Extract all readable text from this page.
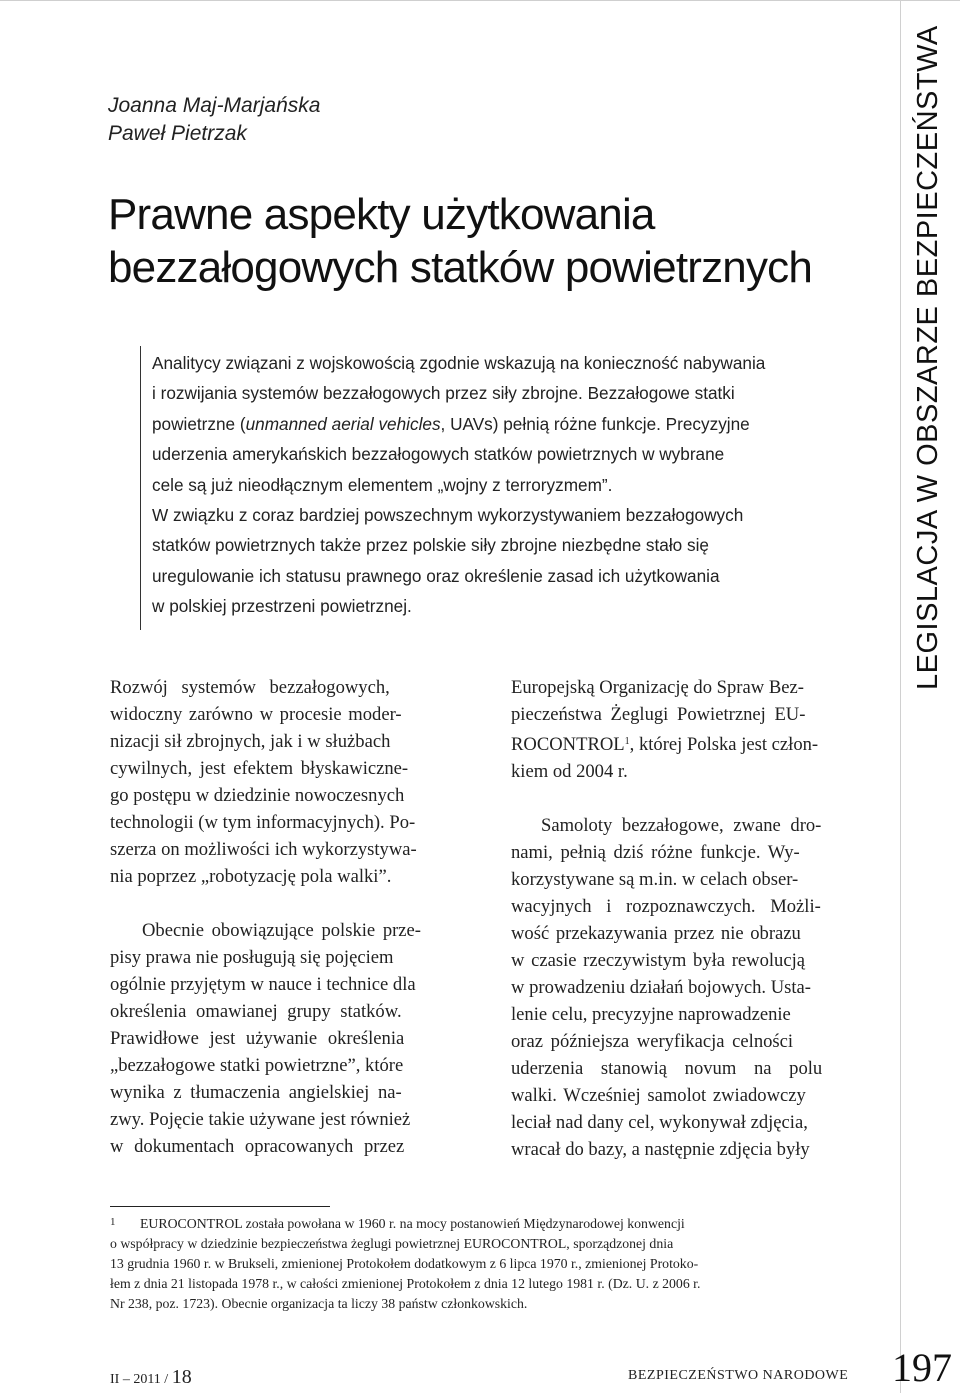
Joanna Maj-Marjańska
Paweł Pietrzak
Prawne aspekty użytkowania
bezzałogowych statków powietrznych
Analitycy związani z wojskowością zgodnie wskazują na konieczność nabywania
i rozwijania systemów bezzałogowych przez siły zbrojne. Bezzałogowe statki
powietrzne (unmanned aerial vehicles, UAVs) pełnią różne funkcje. Precyzyjne
uderzenia amerykańskich bezzałogowych statków powietrznych w wybrane
cele są już nieodłącznym elementem „wojny z terroryzmem”.
W związku z coraz bardziej powszechnym wykorzystywaniem bezzałogowych
statków powietrznych także przez polskie siły zbrojne niezbędne stało się
uregulowanie ich statusu prawnego oraz określenie zasad ich użytkowania
w polskiej przestrzeni powietrznej.

Rozwój systemów bezzałogowych,
widoczny zarówno w procesie moder-
nizacji sił zbrojnych, jak i w służbach
cywilnych, jest efektem błyskawiczne-
go postępu w dziedzinie nowoczesnych
technologii (w tym informacyjnych). Po-
szerza on możliwości ich wykorzystywa-
nia poprzez „robotyzację pola walki”.

Obecnie obowiązujące polskie prze-
pisy prawa nie posługują się pojęciem
ogólnie przyjętym w nauce i technice dla
określenia omawianej grupy statków.
Prawidłowe jest używanie określenia
„bezzałogowe statki powietrzne”, które
wynika z tłumaczenia angielskiej na-
zwy. Pojęcie takie używane jest również
w dokumentach opracowanych przez

Europejską Organizację do Spraw Bez-
pieczeństwa Żeglugi Powietrznej EU-
ROCONTROL$^1$, której Polska jest człon-
kiem od 2004 r.

Samoloty bezzałogowe, zwane dro-
nami, pełnią dziś różne funkcje. Wy-
korzystywane są m.in. w celach obser-
wacyjnych i rozpoznawczych. Możli-
wość przekazywania przez nie obrazu
w czasie rzeczywistym była rewolucją
w prowadzeniu działań bojowych. Usta-
lenie celu, precyzyjne naprowadzenie
oraz późniejsza weryfikacja celności
uderzenia stanowią novum na polu
walki. Wcześniej samolot zwiadowczy
leciał nad dany cel, wykonywał zdjęcia,
wracał do bazy, a następnie zdjęcia były

1 EUROCONTROL została powołana w 1960 r. na mocy postanowień Międzynarodowej konwencji
o współpracy w dziedzinie bezpieczeństwa żeglugi powietrznej EUROCONTROL, sporządzonej dnia
13 grudnia 1960 r. w Brukseli, zmienionej Protokołem dodatkowym z 6 lipca 1970 r., zmienionej Protoko-
łem z dnia 21 listopada 1978 r., w całości zmienionej Protokołem z dnia 12 lutego 1981 r. (Dz. U. z 2006 r.
Nr 238, poz. 1723). Obecnie organizacja ta liczy 38 państw członkowskich.
II – 2011 / 18	BEZPIECZEŃSTWO NARODOWE 197
LEGISLACJA W OBSZARZE BEZPIECZEŃSTWA
